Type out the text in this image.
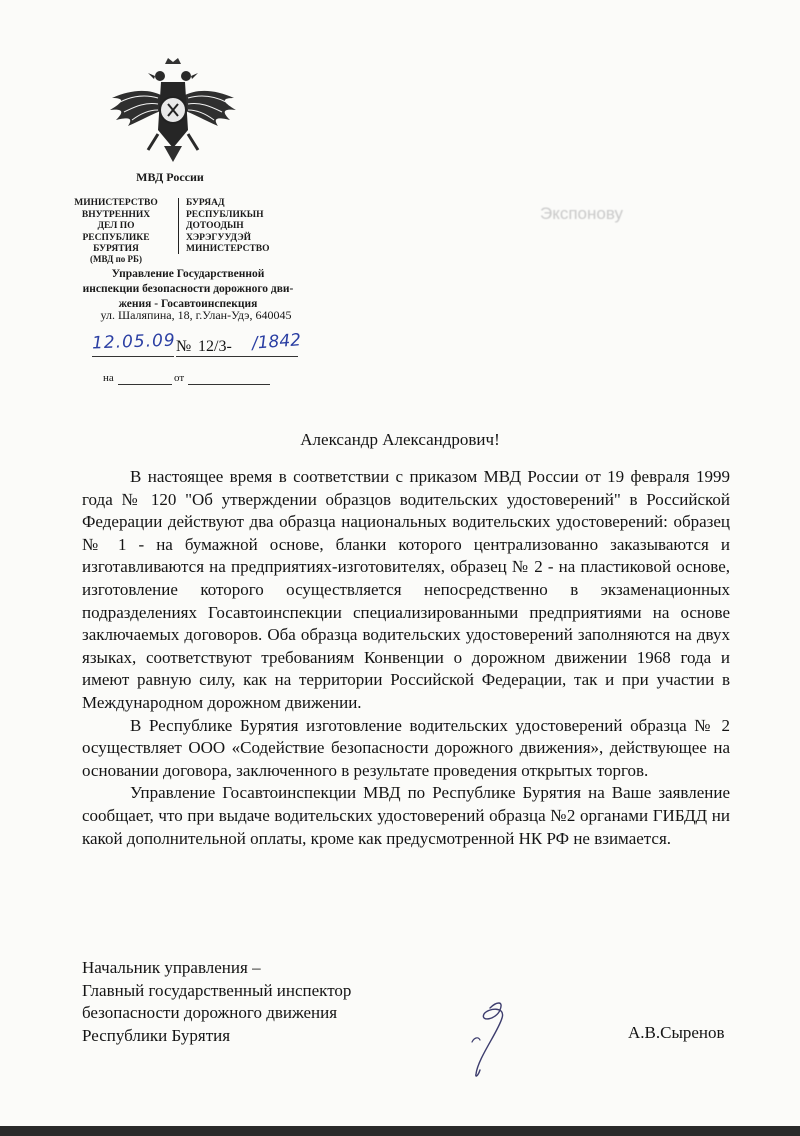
МВД России
МИНИСТЕРСТВО
ВНУТРЕННИХ
ДЕЛ ПО
РЕСПУБЛИКЕ
БУРЯТИЯ
БУРЯАД
РЕСПУБЛИКЫН
ДОТООДЫН
ХЭРЭГУУДЭЙ
МИНИСТЕРСТВО
(МВД по РБ)
Управление Государственной
инспекции безопасности дорожного дви-
жения - Госавтоинспекция
ул. Шаляпина, 18, г.Улан-Удэ, 640045
12.05.09 № 12/3- /1842
на	от
Экспонову
Александр Александрович!

В настоящее время в соответствии с приказом МВД России от 19 февраля 1999 года № 120 "Об утверждении образцов водительских удостоверений" в Российской Федерации действуют два образца национальных водительских удостоверений: образец № 1 - на бумажной основе, бланки которого централизованно заказываются и изготавливаются на предприятиях-изготовителях, образец № 2 - на пластиковой основе, изготовление которого осуществляется непосредственно в экзаменационных подразделениях Госавтоинспекции специализированными предприятиями на основе заключаемых договоров. Оба образца водительских удостоверений заполняются на двух языках, соответствуют требованиям Конвенции о дорожном движении 1968 года и имеют равную силу, как на территории Российской Федерации, так и при участии в Международном дорожном движении.

В Республике Бурятия изготовление водительских удостоверений образца № 2 осуществляет ООО «Содействие безопасности дорожного движения», действующее на основании договора, заключенного в результате проведения открытых торгов.

Управление Госавтоинспекции МВД по Республике Бурятия на Ваше заявление сообщает, что при выдаче водительских удостоверений образца №2 органами ГИБДД ни какой дополнительной оплаты, кроме как предусмотренной НК РФ не взимается.

Начальник управления –
Главный государственный инспектор
безопасности дорожного движения
Республики Бурятия	А.В.Сыренов
